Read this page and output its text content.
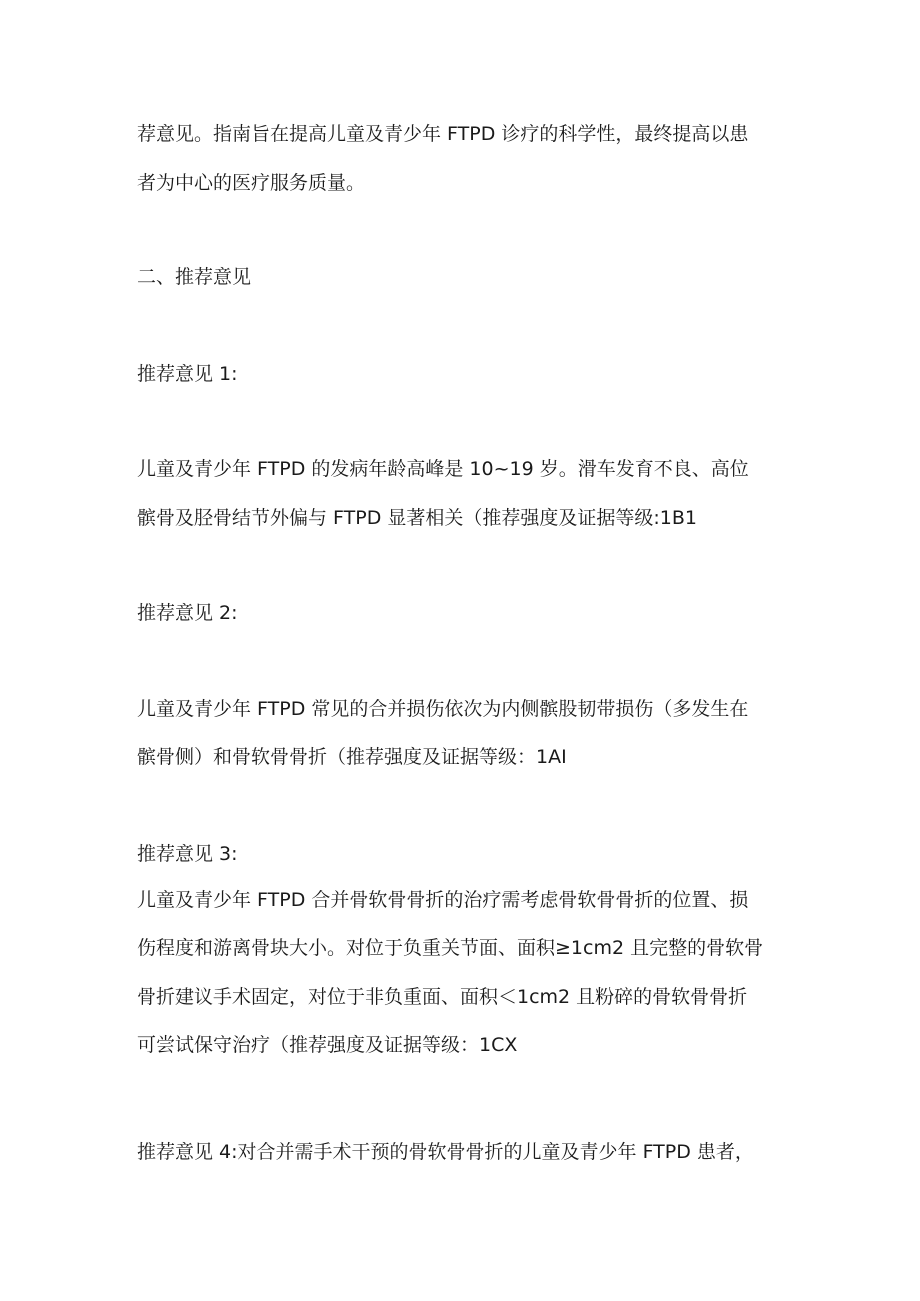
荐意见。指南旨在提高儿童及青少年 FTPD 诊疗的科学性，最终提高以患
者为中心的医疗服务质量。
二、推荐意见
推荐意见 1:
儿童及青少年 FTPD 的发病年龄高峰是 10~19 岁。滑车发育不良、高位
髌骨及胫骨结节外偏与 FTPD 显著相关（推荐强度及证据等级:1B1
推荐意见 2:
儿童及青少年 FTPD 常见的合并损伤依次为内侧髌股韧带损伤（多发生在
髌骨侧）和骨软骨骨折（推荐强度及证据等级：1AI
推荐意见 3:
儿童及青少年 FTPD 合并骨软骨骨折的治疗需考虑骨软骨骨折的位置、损
伤程度和游离骨块大小。对位于负重关节面、面积≥1cm2 且完整的骨软骨
骨折建议手术固定，对位于非负重面、面积＜1cm2 且粉碎的骨软骨骨折
可尝试保守治疗（推荐强度及证据等级：1CX
推荐意见 4:对合并需手术干预的骨软骨骨折的儿童及青少年 FTPD 患者，
